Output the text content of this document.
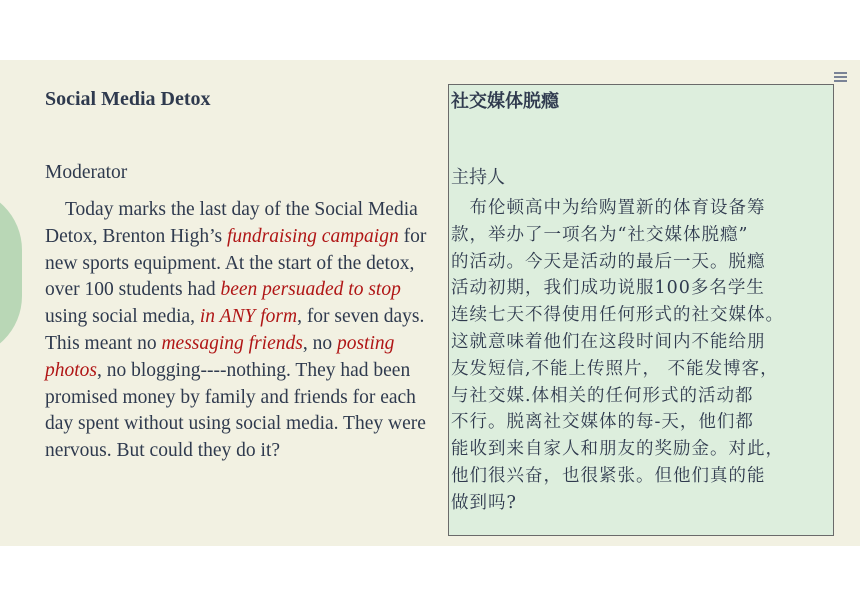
Social Media Detox
Moderator

Today marks the last day of the Social Media Detox, Brenton High’s fundraising campaign for new sports equipment. At the start of the detox, over 100 students had been persuaded to stop using social media, in ANY form, for seven days. This meant no messaging friends, no posting photos, no blogging----nothing. They had been promised money by family and friends for each day spent without using social media. They were nervous. But could they do it?

社交媒体脱瘾
主持人
　布伦顿高中为给购置新的体育设备筹
款，举办了一项名为“社交媒体脱瘾”
的活动。今天是活动的最后一天。脱瘾
活动初期，我们成功说服100多名学生
连续七天不得使用任何形式的社交媒体。
这就意味着他们在这段时间内不能给朋
友发短信,不能上传照片， 不能发博客，
与社交媒.体相关的任何形式的活动都
不行。脱离社交媒体的每-天，他们都
能收到来自家人和朋友的奖励金。对此，
他们很兴奋，也很紧张。但他们真的能
做到吗?
